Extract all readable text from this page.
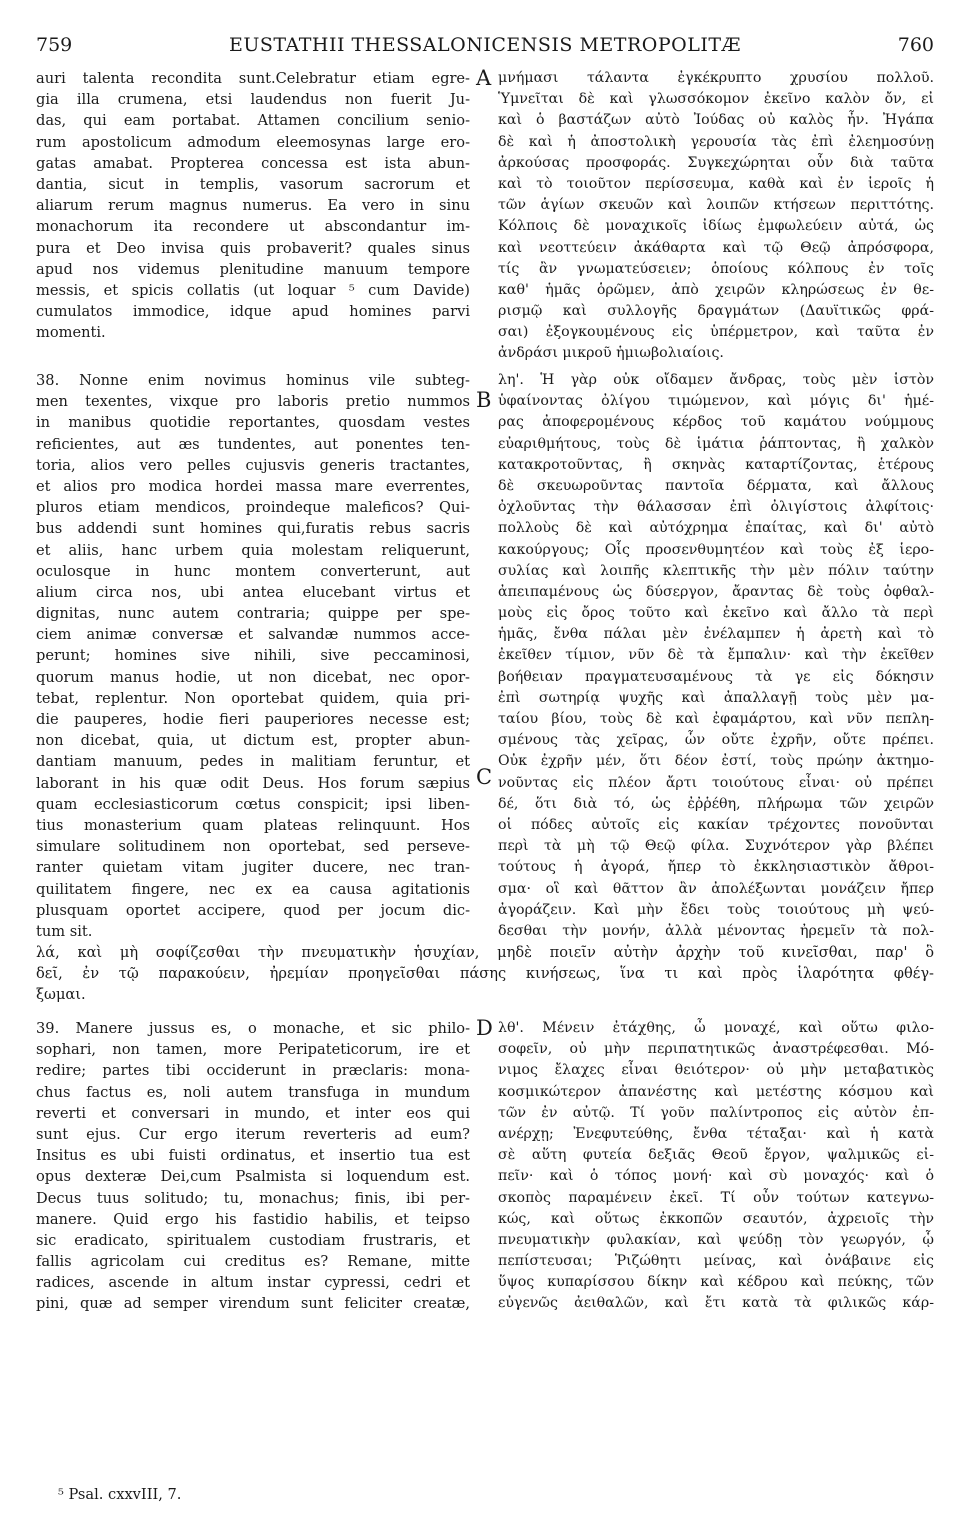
759	EUSTATHII THESSALONICENSIS METROPOLITÆ	760
auri talenta recondita sunt.Celebratur etiam egre-
gia illa crumena, etsi laudendus non fuerit Ju-
das, qui eam portabat. Attamen concilium senio-
rum apostolicum admodum eleemosynas large ero-
gatas amabat. Propterea concessa est ista abun-
dantia, sicut in templis, vasorum sacrorum et
aliarum rerum magnus numerus. Ea vero in sinu
monachorum ita recondere ut abscondantur im-
pura et Deo invisa quis probaverit? quales sinus
apud nos videmus plenitudine manuum tempore
messis, et spicis collatis (ut loquar ⁵ cum Davide)
cumulatos immodice, idque apud homines parvi
momenti.
38. Nonne enim novimus hominus vile subteg-
men texentes, vixque pro laboris pretio nummos
in manibus quotidie reportantes, quosdam vestes
reficientes, aut æs tundentes, aut ponentes ten-
toria, alios vero pelles cujusvis generis tractantes,
et alios pro modica hordei massa mare everrentes,
pluros etiam mendicos, proindeque maleficos? Qui-
bus addendi sunt homines qui,furatis rebus sacris
et aliis, hanc urbem quia molestam reliquerunt,
oculosque in hunc montem converterunt, aut
alium circa nos, ubi antea elucebant virtus et
dignitas, nunc autem contraria; quippe per spe-
ciem animæ conversæ et salvandæ nummos acce-
perunt; homines sive nihili, sive peccaminosi,
quorum manus hodie, ut non dicebat, nec opor-
tebat, replentur. Non oportebat quidem, quia pri-
die pauperes, hodie fieri pauperiores necesse est;
non dicebat, quia, ut dictum est, propter abun-
dantiam manuum, pedes in malitiam feruntur, et
laborant in his quæ odit Deus. Hos forum sæpius
quam ecclesiasticorum cœtus conspicit; ipsi liben-
tius monasterium quam plateas relinquunt. Hos
simulare solitudinem non oportebat, sed perseve-
ranter quietam vitam jugiter ducere, nec tran-
quilitatem fingere, nec ex ea causa agitationis
plusquam oportet accipere, quod per jocum dic-
tum sit.
μνήμασι τάλαντα ἐγκέκρυπτο χρυσίου πολλοῦ.
Ὑμνεῖται δὲ καὶ γλωσσόκομον ἐκεῖνο καλὸν ὄν, εἰ
καὶ ὁ βαστάζων αὐτὸ Ἰούδας οὐ καλὸς ἦν. Ἠγάπα
δὲ καὶ ἡ ἀποστολικὴ γερουσία τὰς ἐπὶ ἐλεημοσύνῃ
ἀρκούσας προσφοράς. Συγκεχώρηται οὖν διὰ ταῦτα
καὶ τὸ τοιοῦτον περίσσευμα, καθὰ καὶ ἐν ἱεροῖς ἡ
τῶν ἁγίων σκευῶν καὶ λοιπῶν κτήσεων περιττότης.
Κόλποις δὲ μοναχικοῖς ἰδίως ἐμφωλεύειν αὐτά, ὡς
καὶ νεοττεύειν ἀκάθαρτα καὶ τῷ Θεῷ ἀπρόσφορα,
τίς ἂν γνωματεύσειεν; ὁποίους κόλπους ἐν τοῖς
καθ' ἡμᾶς ὁρῶμεν, ἀπὸ χειρῶν κληρώσεως ἐν θε-
ρισμῷ καὶ συλλογῆς δραγμάτων (Δαυϊτικῶς φρά-
σαι) ἐξογκουμένους εἰς ὑπέρμετρον, καὶ ταῦτα ἐν
ἀνδράσι μικροῦ ἡμιωβολιαίοις.
λη'. Ἡ γὰρ οὐκ οἴδαμεν ἄνδρας, τοὺς μὲν ἱστὸν
ὑφαίνοντας ὀλίγου τιμώμενον, καὶ μόγις δι' ἡμέ-
ρας ἀποφερομένους κέρδος τοῦ καμάτου νούμμους
εὐαριθμήτους, τοὺς δὲ ἱμάτια ῥάπτοντας, ἢ χαλκὸν
κατακροτοῦντας, ἢ σκηνὰς καταρτίζοντας, ἑτέρους
δὲ σκευωροῦντας παντοῖα δέρματα, καὶ ἄλλους
ὀχλοῦντας τὴν θάλασσαν ἐπὶ ὀλιγίστοις ἀλφίτοις·
πολλοὺς δὲ καὶ αὐτόχρημα ἐπαίτας, καὶ δι' αὐτὸ
κακούργους; Οἷς προσενθυμητέον καὶ τοὺς ἐξ ἱερο-
συλίας καὶ λοιπῆς κλεπτικῆς τὴν μὲν πόλιν ταύτην
ἀπειπαμένους ὡς δύσεργον, ἄραντας δὲ τοὺς ὀφθαλ-
μοὺς εἰς ὄρος τοῦτο καὶ ἐκεῖνο καὶ ἄλλο τὰ περὶ
ἡμᾶς, ἔνθα πάλαι μὲν ἐνέλαμπεν ἡ ἀρετὴ καὶ τὸ
ἐκεῖθεν τίμιον, νῦν δὲ τὰ ἔμπαλιν· καὶ τὴν ἐκεῖθεν
βοήθειαν πραγματευσαμένους τὰ γε εἰς δόκησιν
ἐπὶ σωτηρίᾳ ψυχῆς καὶ ἀπαλλαγῇ τοὺς μὲν μα-
ταίου βίου, τοὺς δὲ καὶ ἐφαμάρτου, καὶ νῦν πεπλη-
σμένους τὰς χεῖρας, ὧν οὔτε ἐχρῆν, οὔτε πρέπει.
Οὐκ ἐχρῆν μέν, ὅτι δέον ἐστί, τοὺς πρώην ἀκτημο-
νοῦντας εἰς πλέον ἄρτι τοιούτους εἶναι· οὐ πρέπει
δέ, ὅτι διὰ τό, ὡς ἐῤῥέθη, πλήρωμα τῶν χειρῶν
οἱ πόδες αὐτοῖς εἰς κακίαν τρέχοντες πονοῦνται
περὶ τὰ μὴ τῷ Θεῷ φίλα. Συχνότερον γὰρ βλέπει
τούτους ἡ ἀγορά, ἤπερ τὸ ἐκκλησιαστικὸν ἄθροι-
σμα· οἳ καὶ θᾶττον ἂν ἀπολέξωνται μονάζειν ἤπερ
ἀγοράζειν. Καὶ μὴν ἔδει τοὺς τοιούτους μὴ ψεύ-
δεσθαι τὴν μονήν, ἀλλὰ μένοντας ἠρεμεῖν τὰ πολ-
λά, καὶ μὴ σοφίζεσθαι τὴν πνευματικὴν ἡσυχίαν, μηδὲ ποιεῖν αὐτὴν ἀρχὴν τοῦ κινεῖσθαι, παρ' ὃ
δεῖ, ἐν τῷ παρακούειν, ἠρεμίαν προηγεῖσθαι πάσης κινήσεως, ἵνα τι καὶ πρὸς ἱλαρότητα φθέγ-
ξωμαι.
39. Manere jussus es, o monache, et sic philo-
sophari, non tamen, more Peripateticorum, ire et
redire; partes tibi occiderunt in præclaris: mona-
chus factus es, noli autem transfuga in mundum
reverti et conversari in mundo, et inter eos qui
sunt ejus. Cur ergo iterum reverteris ad eum?
Insitus es ubi fuisti ordinatus, et insertio tua est
opus dexteræ Dei,cum Psalmista si loquendum est.
Decus tuus solitudo; tu, monachus; finis, ibi per-
manere. Quid ergo his fastidio habilis, et teipso
sic eradicato, spiritualem custodiam frustraris, et
fallis agricolam cui creditus es? Remane, mitte
radices, ascende in altum instar cypressi, cedri et
pini, quæ ad semper virendum sunt feliciter creatæ,
λθ'. Μένειν ἐτάχθης, ὦ μοναχέ, καὶ οὕτω φιλο-
σοφεῖν, οὐ μὴν περιπατητικῶς ἀναστρέφεσθαι. Μό-
νιμος ἔλαχες εἶναι θειότερον· οὐ μὴν μεταβατικὸς
κοσμικώτερον ἀπανέστης καὶ μετέστης κόσμου καὶ
τῶν ἐν αὐτῷ. Τί γοῦν παλίντροπος εἰς αὐτὸν ἐπ-
ανέρχῃ; Ἐνεφυτεύθης, ἔνθα τέταξαι· καὶ ἡ κατὰ
σὲ αὕτη φυτεία δεξιᾶς Θεοῦ ἔργον, ψαλμικῶς εἰ-
πεῖν· καὶ ὁ τόπος μονή· καὶ σὺ μοναχός· καὶ ὁ
σκοπὸς παραμένειν ἐκεῖ. Τί οὖν τούτων κατεγνω-
κώς, καὶ οὕτως ἐκκοπῶν σεαυτόν, ἀχρειοῖς τὴν
πνευματικὴν φυλακίαν, καὶ ψεύδῃ τὸν γεωργόν, ᾧ
πεπίστευσαι; Ῥιζώθητι μείνας, καὶ ὀνάβαινε εἰς
ὕψος κυπαρίσσου δίκην καὶ κέδρου καὶ πεύκης, τῶν
εὐγενῶς ἀειθαλῶν, καὶ ἔτι κατὰ τὰ φιλικῶς κάρ-
A
B
C
D
⁵ Psal. cxxvIII, 7.
